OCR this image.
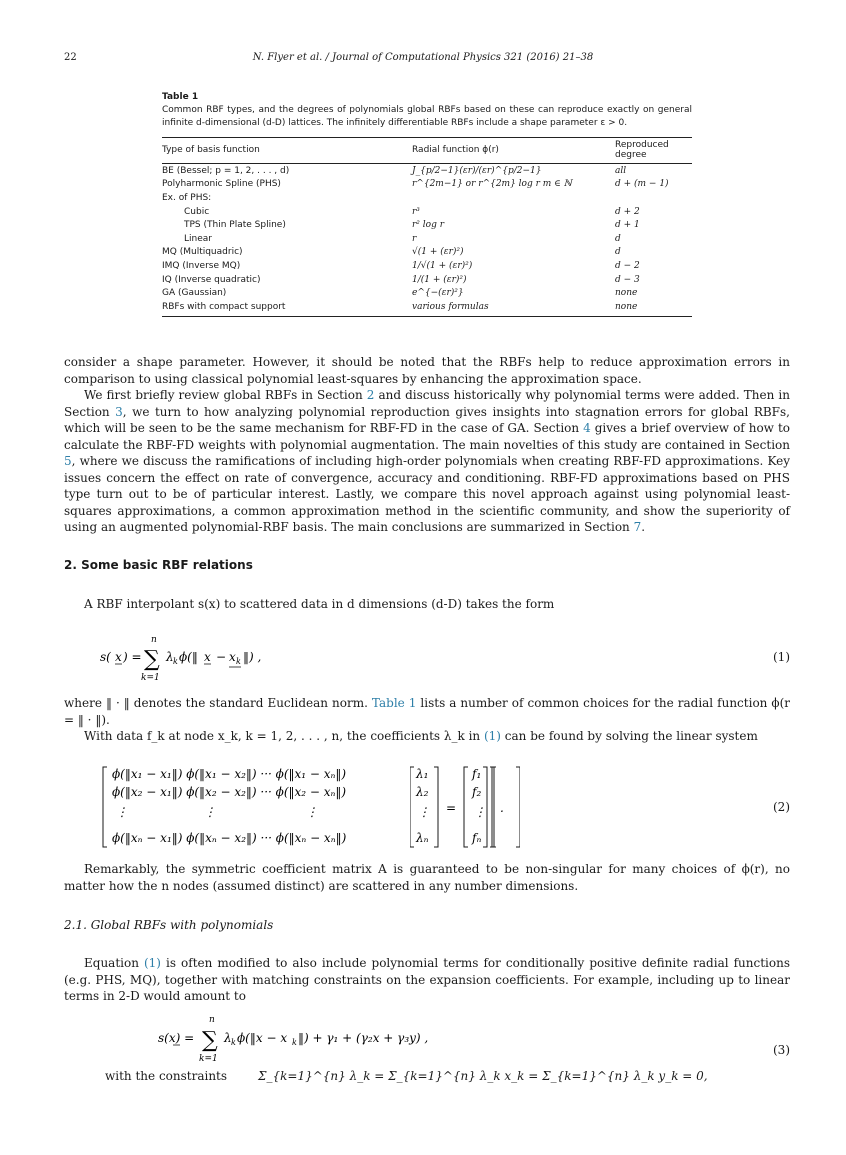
22	N. Flyer et al. / Journal of Computational Physics 321 (2016) 21–38
Table 1
Common RBF types, and the degrees of polynomials global RBFs based on these can reproduce exactly on general infinite d-dimensional (d-D) lattices. The infinitely differentiable RBFs include a shape parameter ε > 0.
Type of basis function	Radial function ϕ(r)	Reproduced degree
BE (Bessel; p = 1, 2, . . . , d)	J_{p/2−1}(εr)/(εr)^{p/2−1}	all
Polyharmonic Spline (PHS)	r^{2m−1} or r^{2m} log r m ∈ ℕ	d + (m − 1)
Ex. of PHS:		
Cubic	r³	d + 2
TPS (Thin Plate Spline)	r² log r	d + 1
Linear	r	d
MQ (Multiquadric)	√(1 + (εr)²)	d
IMQ (Inverse MQ)	1/√(1 + (εr)²)	d − 2
IQ (Inverse quadratic)	1/(1 + (εr)²)	d − 3
GA (Gaussian)	e^{−(εr)²}	none
RBFs with compact support	various formulas	none

consider a shape parameter. However, it should be noted that the RBFs help to reduce approximation errors in comparison to using classical polynomial least-squares by enhancing the approximation space.

We first briefly review global RBFs in Section 2 and discuss historically why polynomial terms were added. Then in Section 3, we turn to how analyzing polynomial reproduction gives insights into stagnation errors for global RBFs, which will be seen to be the same mechanism for RBF-FD in the case of GA. Section 4 gives a brief overview of how to calculate the RBF-FD weights with polynomial augmentation. The main novelties of this study are contained in Section 5, where we discuss the ramifications of including high-order polynomials when creating RBF-FD approximations. Key issues concern the effect on rate of convergence, accuracy and conditioning. RBF-FD approximations based on PHS type turn out to be of particular interest. Lastly, we compare this novel approach against using polynomial least-squares approximations, a common approximation method in the scientific community, and show the superiority of using an augmented polynomial-RBF basis. The main conclusions are summarized in Section 7.

2. Some basic RBF relations

A RBF interpolant s(x) to scattered data in d dimensions (d-D) takes the form

s( x ) =
n
∑
k=1
λ k ϕ(‖ x − x k ‖) ,	(1)

where ‖ · ‖ denotes the standard Euclidean norm. Table 1 lists a number of common choices for the radial function ϕ(r = ‖ · ‖).

With data f_k at node x_k, k = 1, 2, . . . , n, the coefficients λ_k in (1) can be found by solving the linear system

ϕ(‖x₁ − x₁‖) ϕ(‖x₁ − x₂‖) ··· ϕ(‖x₁ − xₙ‖)
ϕ(‖x₂ − x₁‖) ϕ(‖x₂ − x₂‖) ··· ϕ(‖x₂ − xₙ‖)
⋮	⋮	⋮
ϕ(‖xₙ − x₁‖) ϕ(‖xₙ − x₂‖) ··· ϕ(‖xₙ − xₙ‖)
λ₁
λ₂
⋮
λₙ
=
f₁
f₂
⋮
fₙ
.	(2)

Remarkably, the symmetric coefficient matrix A is guaranteed to be non-singular for many choices of ϕ(r), no matter how the n nodes (assumed distinct) are scattered in any number dimensions.

2.1. Global RBFs with polynomials

Equation (1) is often modified to also include polynomial terms for conditionally positive definite radial functions (e.g. PHS, MQ), together with matching constraints on the expansion coefficients. For example, including up to linear terms in 2-D would amount to

s(x) =
n
∑
k=1
λ k ϕ(‖x − x k ‖) + γ₁ + (γ₂x + γ₃y) ,
(3)
with the constraints	Σ_{k=1}^{n} λ_k = Σ_{k=1}^{n} λ_k x_k = Σ_{k=1}^{n} λ_k y_k = 0,
